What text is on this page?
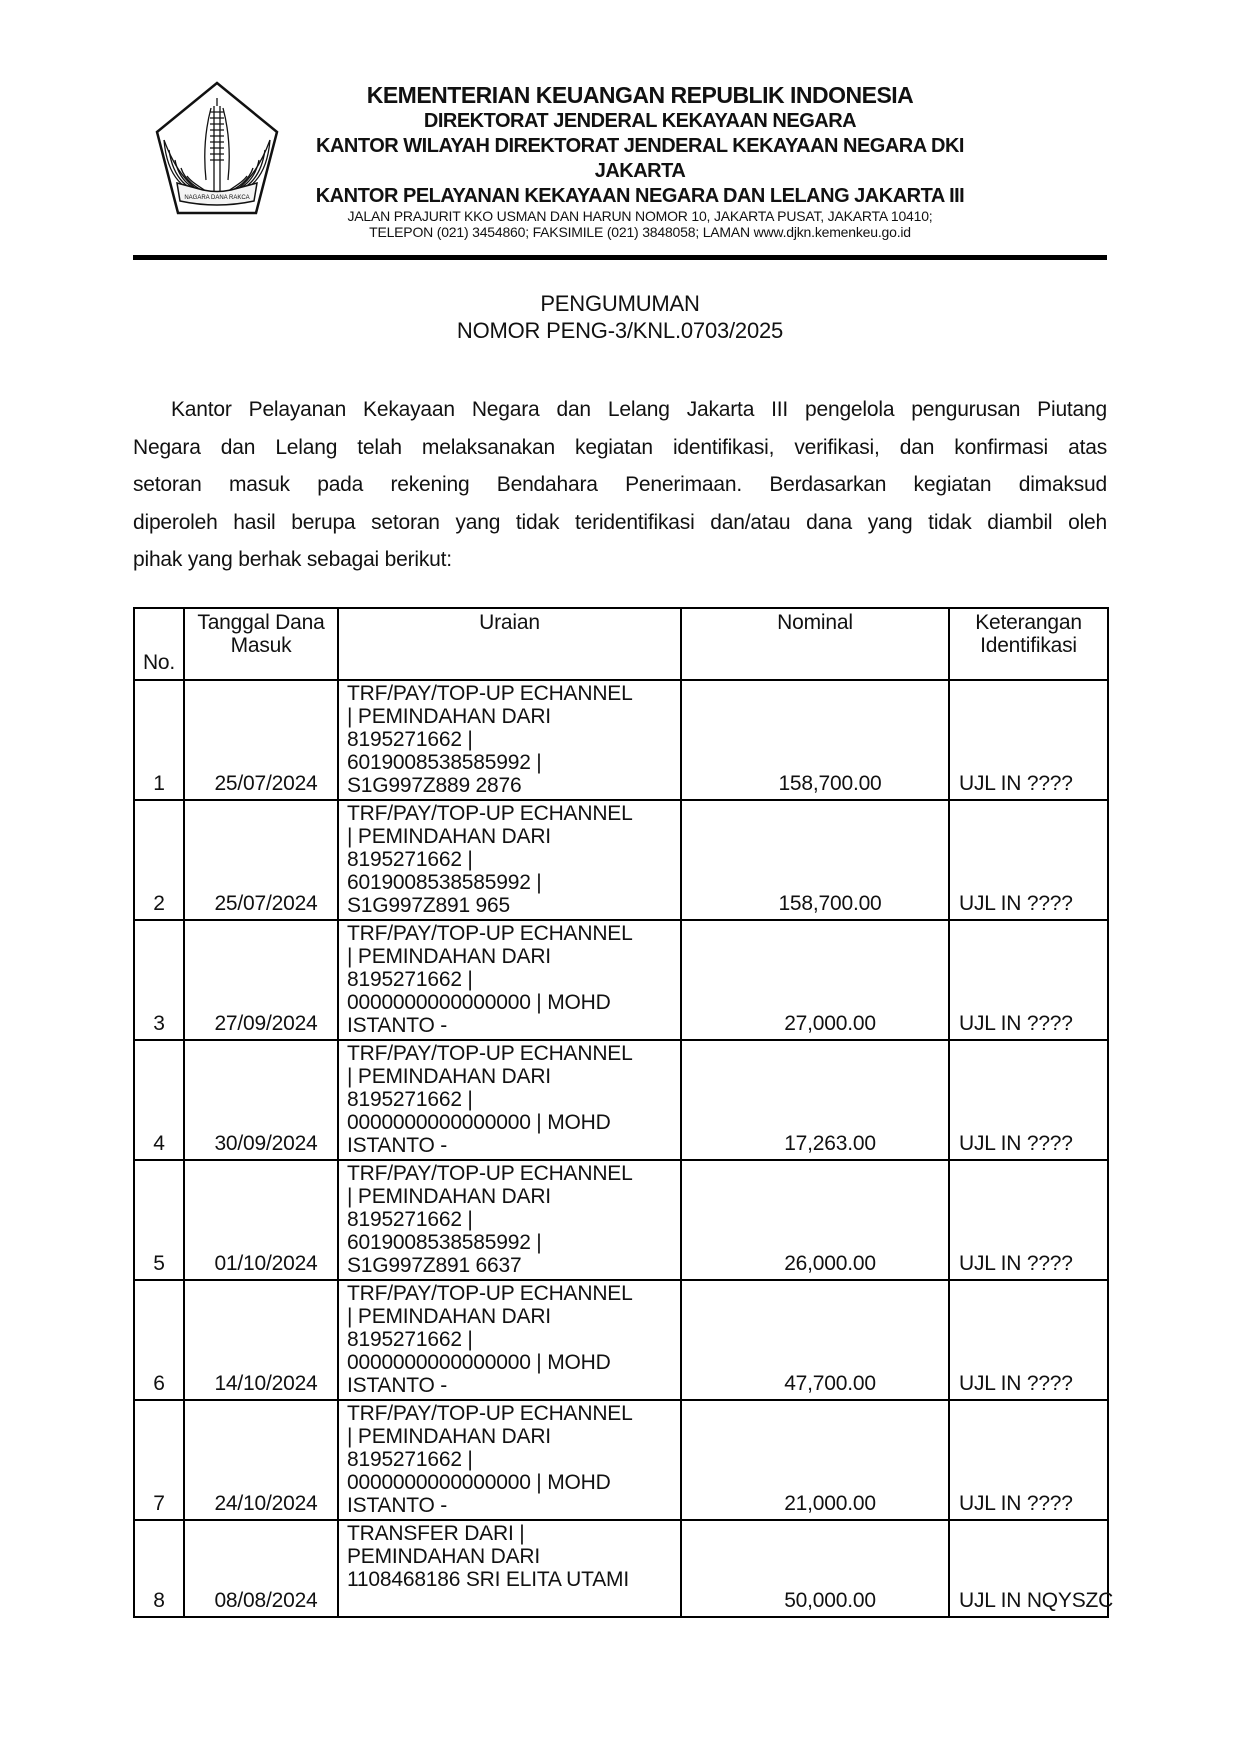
NAGARA DANA RAKCA
KEMENTERIAN KEUANGAN REPUBLIK INDONESIA
DIREKTORAT JENDERAL KEKAYAAN NEGARA
KANTOR WILAYAH DIREKTORAT JENDERAL KEKAYAAN NEGARA DKI
JAKARTA
KANTOR PELAYANAN KEKAYAAN NEGARA DAN LELANG JAKARTA III
JALAN PRAJURIT KKO USMAN DAN HARUN NOMOR 10, JAKARTA PUSAT, JAKARTA 10410;
TELEPON (021) 3454860; FAKSIMILE (021) 3848058; LAMAN www.djkn.kemenkeu.go.id
PENGUMUMAN
NOMOR PENG-3/KNL.0703/2025
Kantor Pelayanan Kekayaan Negara dan Lelang Jakarta III pengelola pengurusan Piutang
Negara dan Lelang telah melaksanakan kegiatan identifikasi, verifikasi, dan konfirmasi atas
setoran masuk pada rekening Bendahara Penerimaan. Berdasarkan kegiatan dimaksud
diperoleh hasil berupa setoran yang tidak teridentifikasi dan/atau dana yang tidak diambil oleh
pihak yang berhak sebagai berikut:
No.	Tanggal Dana Masuk	Uraian	Nominal	Keterangan Identifikasi
1	25/07/2024	TRF/PAY/TOP-UP ECHANNEL
| PEMINDAHAN DARI
8195271662 |
6019008538585992 |
S1G997Z889 2876	158,700.00	UJL IN ????
2	25/07/2024	TRF/PAY/TOP-UP ECHANNEL
| PEMINDAHAN DARI
8195271662 |
6019008538585992 |
S1G997Z891 965	158,700.00	UJL IN ????
3	27/09/2024	TRF/PAY/TOP-UP ECHANNEL
| PEMINDAHAN DARI
8195271662 |
0000000000000000 | MOHD
ISTANTO -	27,000.00	UJL IN ????
4	30/09/2024	TRF/PAY/TOP-UP ECHANNEL
| PEMINDAHAN DARI
8195271662 |
0000000000000000 | MOHD
ISTANTO -	17,263.00	UJL IN ????
5	01/10/2024	TRF/PAY/TOP-UP ECHANNEL
| PEMINDAHAN DARI
8195271662 |
6019008538585992 |
S1G997Z891 6637	26,000.00	UJL IN ????
6	14/10/2024	TRF/PAY/TOP-UP ECHANNEL
| PEMINDAHAN DARI
8195271662 |
0000000000000000 | MOHD
ISTANTO -	47,700.00	UJL IN ????
7	24/10/2024	TRF/PAY/TOP-UP ECHANNEL
| PEMINDAHAN DARI
8195271662 |
0000000000000000 | MOHD
ISTANTO -	21,000.00	UJL IN ????
8	08/08/2024	TRANSFER DARI |
PEMINDAHAN DARI
1108468186 SRI ELITA UTAMI	50,000.00	UJL IN NQYSZC
